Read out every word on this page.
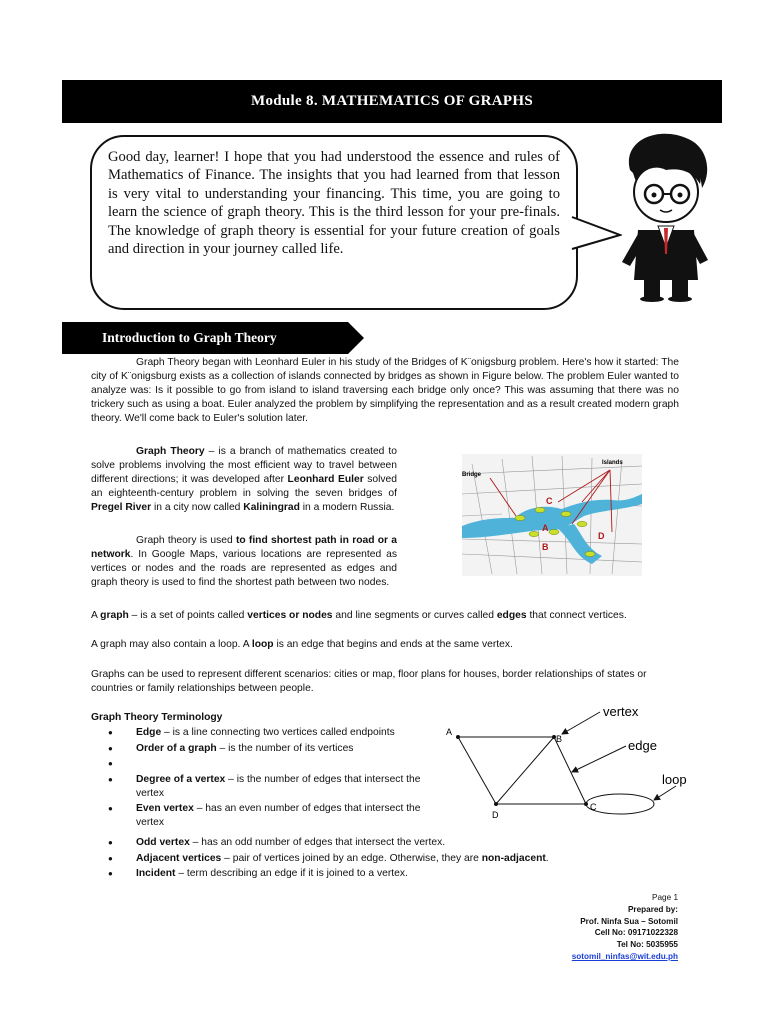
Module 8. MATHEMATICS OF GRAPHS
Good day, learner! I hope that you had understood the essence and rules of Mathematics of Finance. The insights that you had learned from that lesson is very vital to understanding your financing. This time, you are going to learn the science of graph theory. This is the third lesson for your pre-finals. The knowledge of graph theory is essential for your future creation of goals and direction in your journey called life.
Introduction to Graph Theory
Graph Theory began with Leonhard Euler in his study of the Bridges of K¨onigsburg problem. Here's how it started: The city of K¨onigsburg exists as a collection of islands connected by bridges as shown in Figure below. The problem Euler wanted to analyze was: Is it possible to go from island to island traversing each bridge only once? This was assuming that there was no trickery such as using a boat. Euler analyzed the problem by simplifying the representation and as a result created modern graph theory. We'll come back to Euler's solution later.
Graph Theory – is a branch of mathematics created to solve problems involving the most efficient way to travel between different directions; it was developed after Leonhard Euler solved an eighteenth-century problem in solving the seven bridges of Pregel River in a city now called Kaliningrad in a modern Russia.
Graph theory is used to find shortest path in road or a network. In Google Maps, various locations are represented as vertices or nodes and the roads are represented as edges and graph theory is used to find the shortest path between two nodes.
Bridge
Islands
C
A
B
D
A graph – is a set of points called vertices or nodes and line segments or curves called edges that connect vertices.
A graph may also contain a loop. A loop is an edge that begins and ends at the same vertex.
Graphs can be used to represent different scenarios: cities or map, floor plans for houses, border relationships of states or countries or family relationships between people.
Graph Theory Terminology
● Edge – is a line connecting two vertices called endpoints
● Order of a graph – is the number of its vertices
●
● Degree of a vertex – is the number of edges that intersect the vertex
● Even vertex – has an even number of edges that intersect the vertex
● Odd vertex – has an odd number of edges that intersect the vertex.
● Adjacent vertices – pair of vertices joined by an edge. Otherwise, they are non-adjacent.
● Incident – term describing an edge if it is joined to a vertex.
A
B
C
D
vertex
edge
loop
Page 1
Prepared by:
Prof. Ninfa Sua – Sotomil
Cell No: 09171022328
Tel No: 5035955
sotomil_ninfas@wit.edu.ph
